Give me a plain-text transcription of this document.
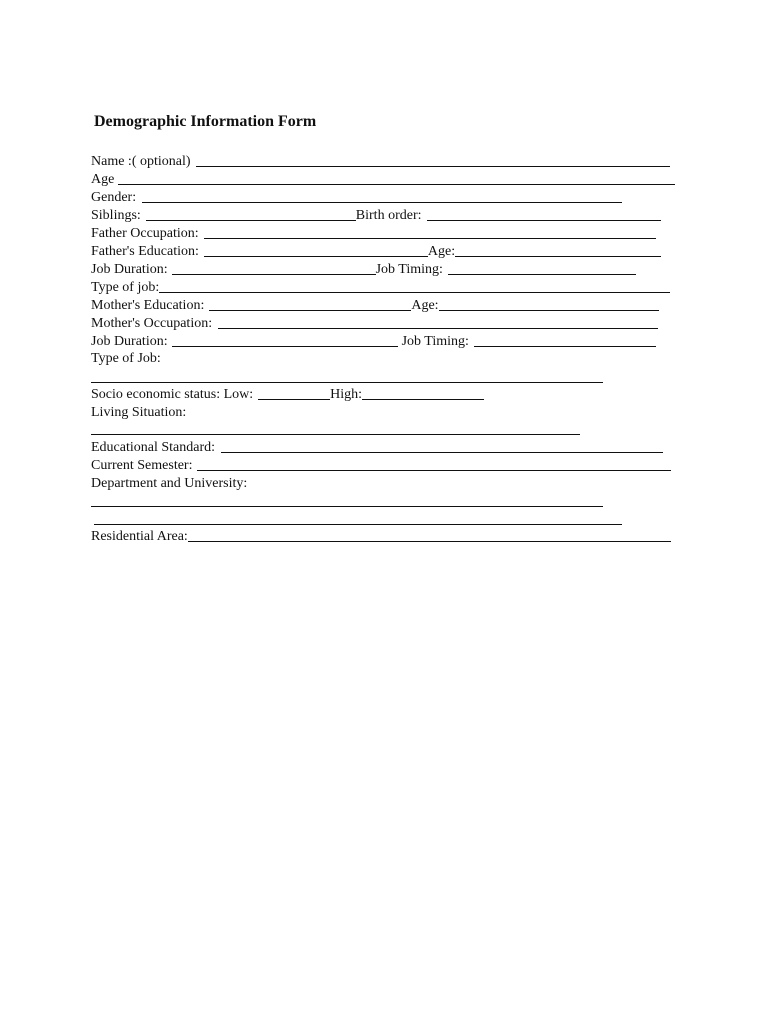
Demographic Information Form
Name :( optional)
Age
Gender:
Siblings:	Birth order:
Father Occupation:
Father's Education:	Age:
Job Duration:	Job Timing:
Type of job:
Mother's Education:	Age:
Mother's Occupation:
Job Duration:	Job Timing:
Type of Job:
Socio economic status: Low:	High:
Living Situation:
Educational Standard:
Current Semester:
Department and University:
Residential Area:
